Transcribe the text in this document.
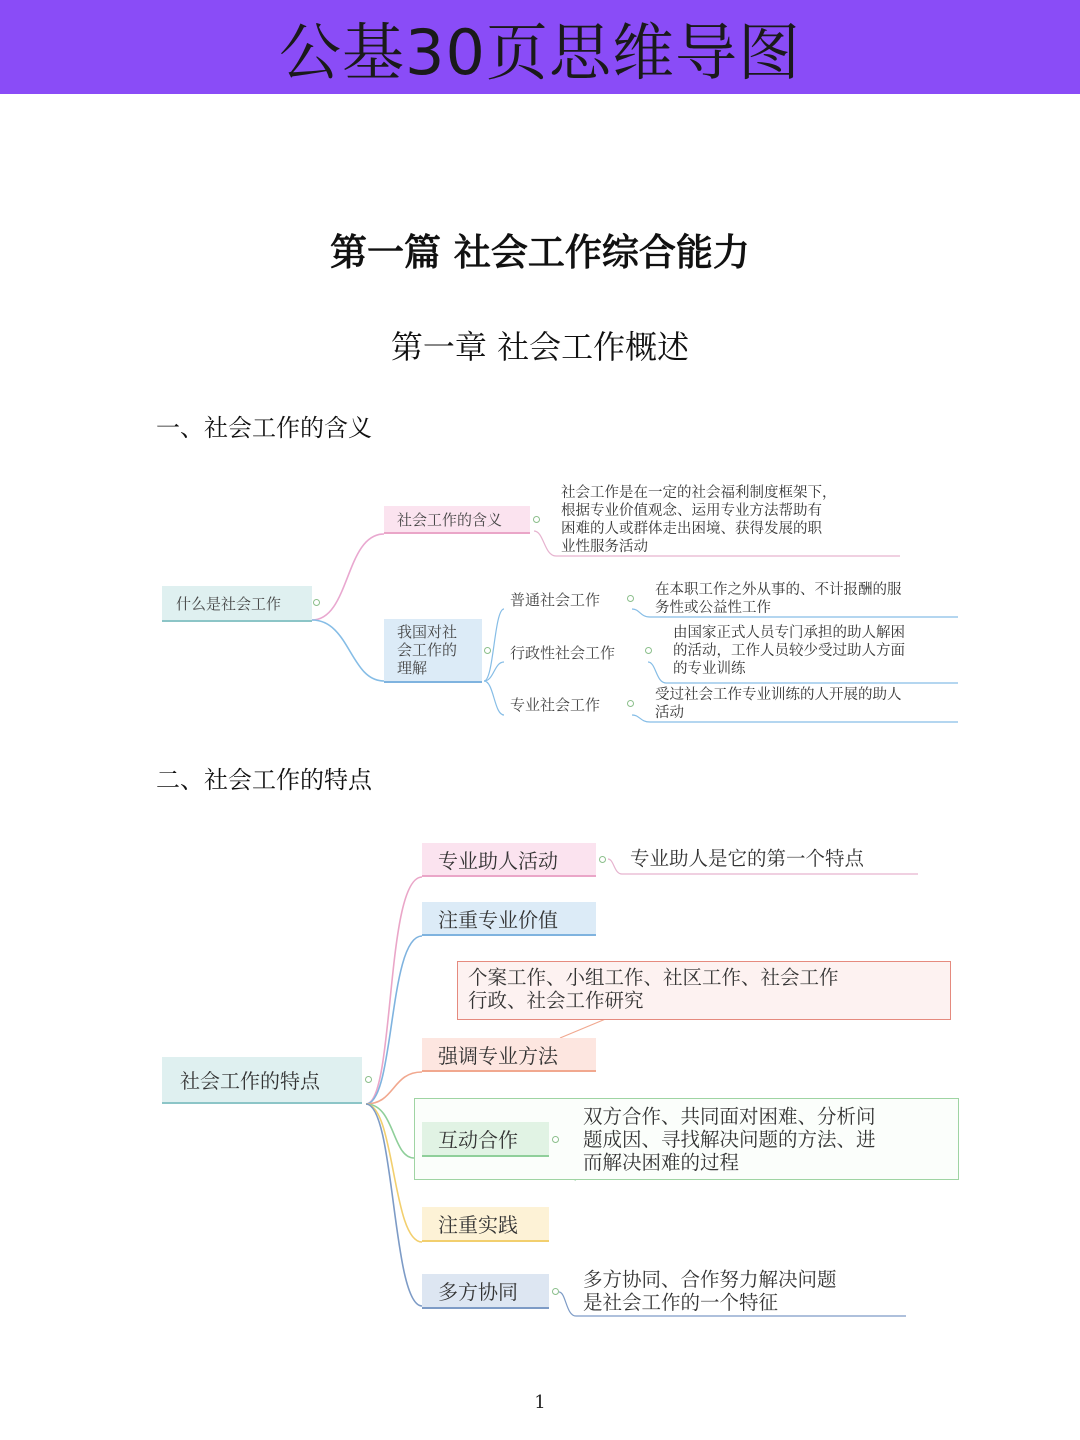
公基30页思维导图
第一篇 社会工作综合能力
第一章 社会工作概述
一、社会工作的含义
二、社会工作的特点
什么是社会工作
社会工作的含义
社会工作是在一定的社会福利制度框架下，
根据专业价值观念、运用专业方法帮助有
困难的人或群体走出困境、获得发展的职
业性服务活动
我国对社
会工作的
理解
普通社会工作
在本职工作之外从事的、不计报酬的服
务性或公益性工作
行政性社会工作
由国家正式人员专门承担的助人解困
的活动，工作人员较少受过助人方面
的专业训练
专业社会工作
受过社会工作专业训练的人开展的助人
活动
社会工作的特点
专业助人活动	专业助人是它的第一个特点
注重专业价值
个案工作、小组工作、社区工作、社会工作
行政、社会工作研究
强调专业方法
互动合作
双方合作、共同面对困难、分析问
题成因、寻找解决问题的方法、进
而解决困难的过程
注重实践
多方协同
多方协同、合作努力解决问题
是社会工作的一个特征
1
